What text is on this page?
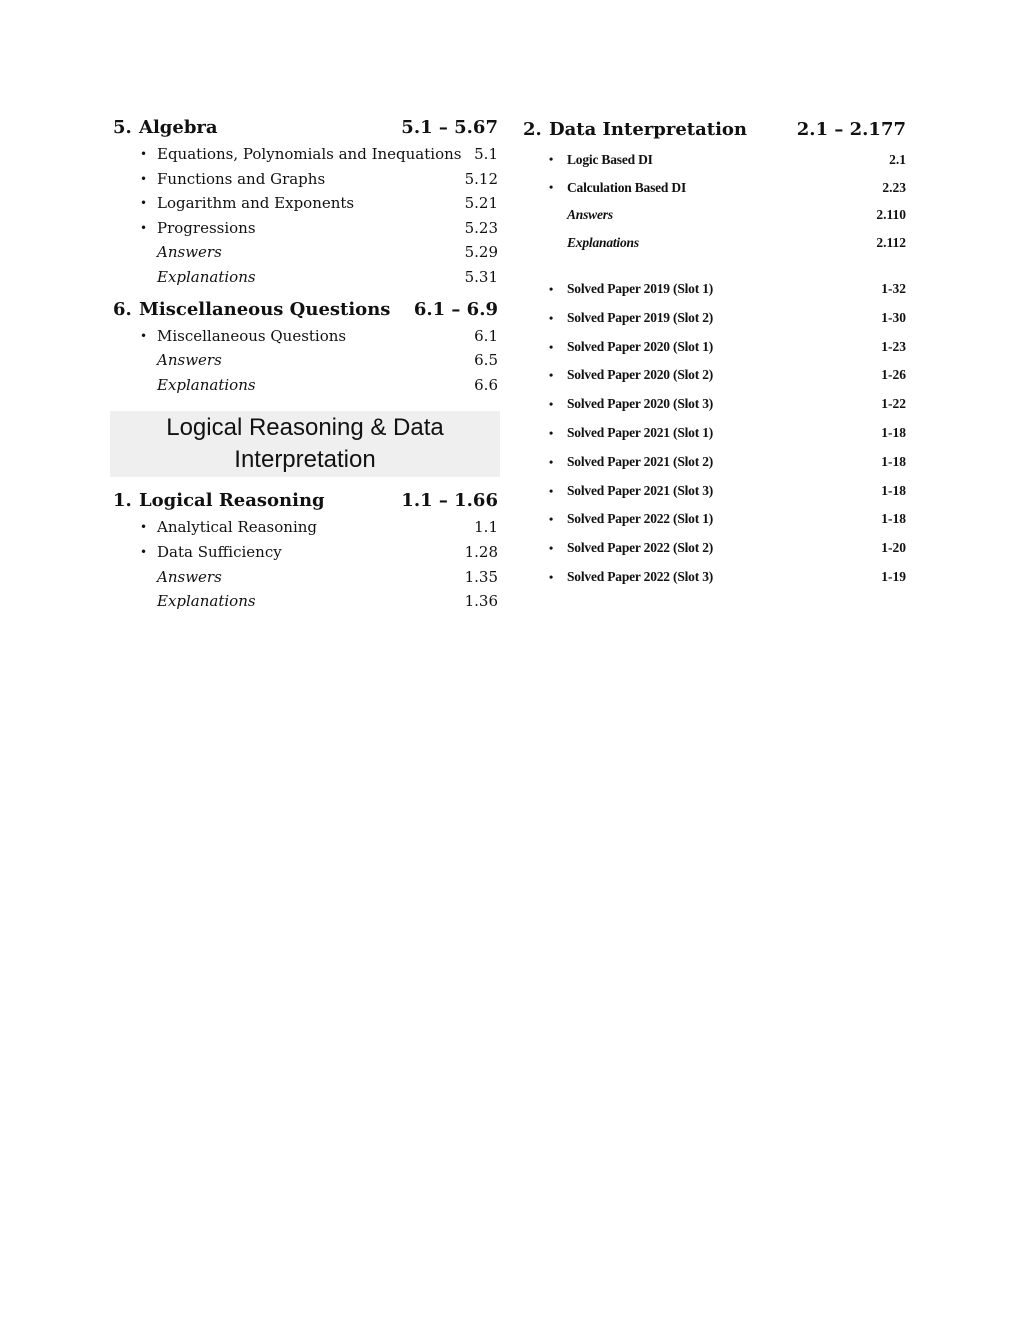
5. Algebra	5.1 – 5.67
• Equations, Polynomials and Inequations 5.1
• Functions and Graphs	5.12
• Logarithm and Exponents	5.21
• Progressions	5.23
Answers	5.29
Explanations	5.31
6. Miscellaneous Questions 6.1 – 6.9
• Miscellaneous Questions	6.1
Answers	6.5
Explanations	6.6
Logical Reasoning & Data
Interpretation
1. Logical Reasoning	1.1 – 1.66
• Analytical Reasoning	1.1
• Data Sufficiency	1.28
Answers	1.35
Explanations	1.36
2. Data Interpretation	2.1 – 2.177
• Logic Based DI	2.1
• Calculation Based DI	2.23
Answers	2.110
Explanations	2.112
• Solved Paper 2019 (Slot 1)	1-32
• Solved Paper 2019 (Slot 2)	1-30
• Solved Paper 2020 (Slot 1)	1-23
• Solved Paper 2020 (Slot 2)	1-26
• Solved Paper 2020 (Slot 3)	1-22
• Solved Paper 2021 (Slot 1)	1-18
• Solved Paper 2021 (Slot 2)	1-18
• Solved Paper 2021 (Slot 3)	1-18
• Solved Paper 2022 (Slot 1)	1-18
• Solved Paper 2022 (Slot 2)	1-20
• Solved Paper 2022 (Slot 3)	1-19
